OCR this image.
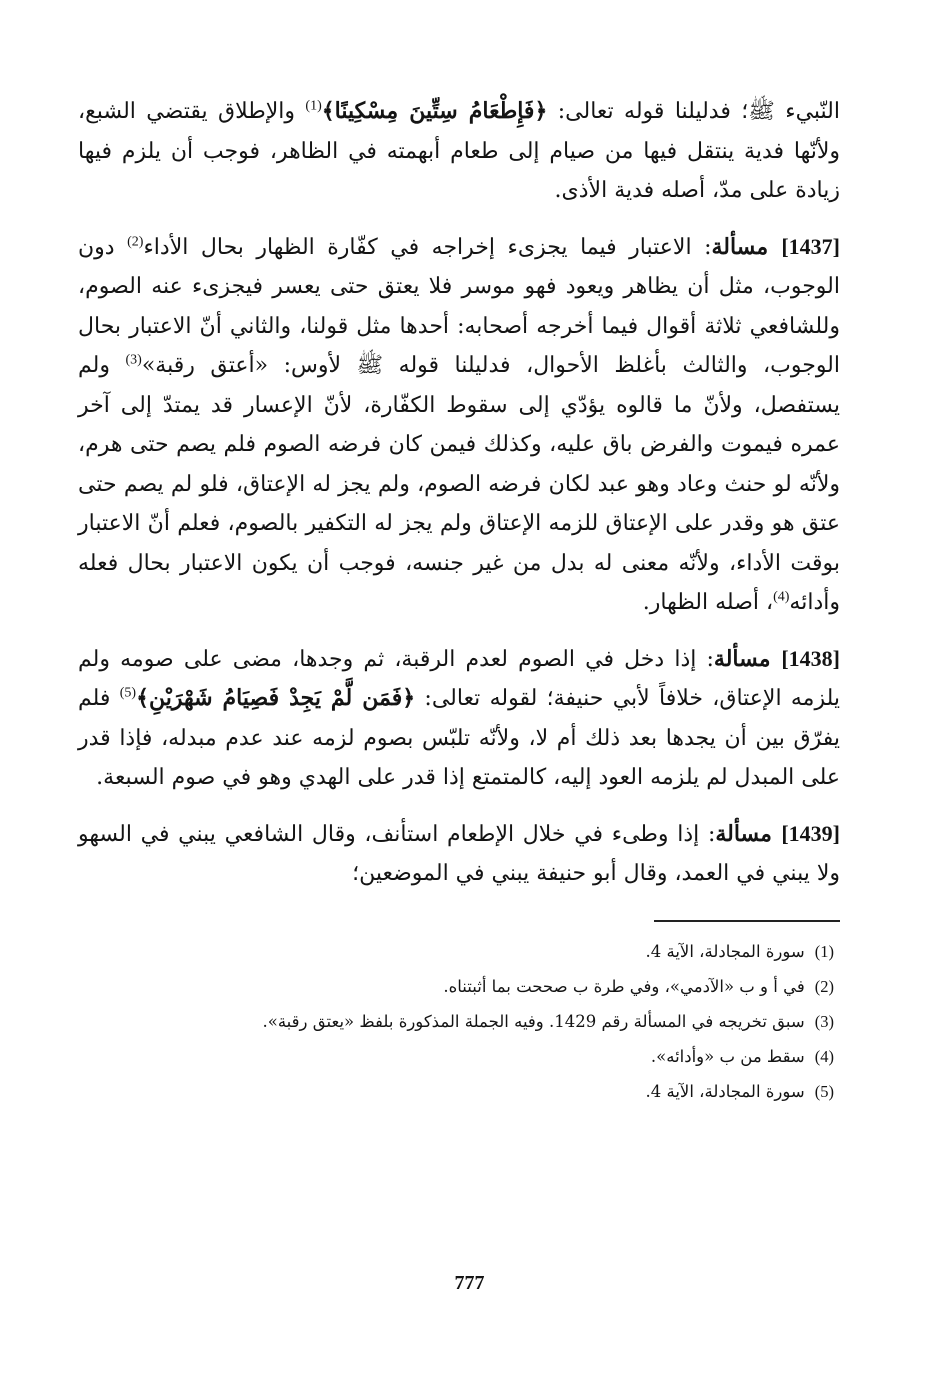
النّبيء ﷺ؛ فدليلنا قوله تعالى: ﴿فَإِطْعَامُ سِتِّينَ مِسْكِينًا﴾$^{(1)}$ والإطلاق يقتضي الشبع، ولأنّها فدية ينتقل فيها من صيام إلى طعام أبهمته في الظاهر، فوجب أن يلزم فيها زيادة على مدّ، أصله فدية الأذى.

[1437] مسألة: الاعتبار فيما يجزىء إخراجه في كفّارة الظهار بحال الأداء$^{(2)}$ دون الوجوب، مثل أن يظاهر ويعود فهو موسر فلا يعتق حتى يعسر فيجزىء عنه الصوم، وللشافعي ثلاثة أقوال فيما أخرجه أصحابه: أحدها مثل قولنا، والثاني أنّ الاعتبار بحال الوجوب، والثالث بأغلظ الأحوال، فدليلنا قوله ﷺ لأوس: «أعتق رقبة»$^{(3)}$ ولم يستفصل، ولأنّ ما قالوه يؤدّي إلى سقوط الكفّارة، لأنّ الإعسار قد يمتدّ إلى آخر عمره فيموت والفرض باق عليه، وكذلك فيمن كان فرضه الصوم فلم يصم حتى هرم، ولأنّه لو حنث وعاد وهو عبد لكان فرضه الصوم، ولم يجز له الإعتاق، فلو لم يصم حتى عتق هو وقدر على الإعتاق للزمه الإعتاق ولم يجز له التكفير بالصوم، فعلم أنّ الاعتبار بوقت الأداء، ولأنّه معنى له بدل من غير جنسه، فوجب أن يكون الاعتبار بحال فعله وأدائه$^{(4)}$، أصله الظهار.

[1438] مسألة: إذا دخل في الصوم لعدم الرقبة، ثم وجدها، مضى على صومه ولم يلزمه الإعتاق، خلافاً لأبي حنيفة؛ لقوله تعالى: ﴿فَمَن لَّمْ يَجِدْ فَصِيَامُ شَهْرَيْنِ﴾$^{(5)}$ فلم يفرّق بين أن يجدها بعد ذلك أم لا، ولأنّه تلبّس بصوم لزمه عند عدم مبدله، فإذا قدر على المبدل لم يلزمه العود إليه، كالمتمتع إذا قدر على الهدي وهو في صوم السبعة.

[1439] مسألة: إذا وطىء في خلال الإطعام استأنف، وقال الشافعي يبني في السهو ولا يبني في العمد، وقال أبو حنيفة يبني في الموضعين؛

(1)سورة المجادلة، الآية 4.

(2)في أ و ب «الآدمي»، وفي طرة ب صححت بما أثبتناه.

(3)سبق تخريجه في المسألة رقم 1429. وفيه الجملة المذكورة بلفظ «يعتق رقبة».

(4)سقط من ب «وأدائه».

(5)سورة المجادلة، الآية 4.

777
